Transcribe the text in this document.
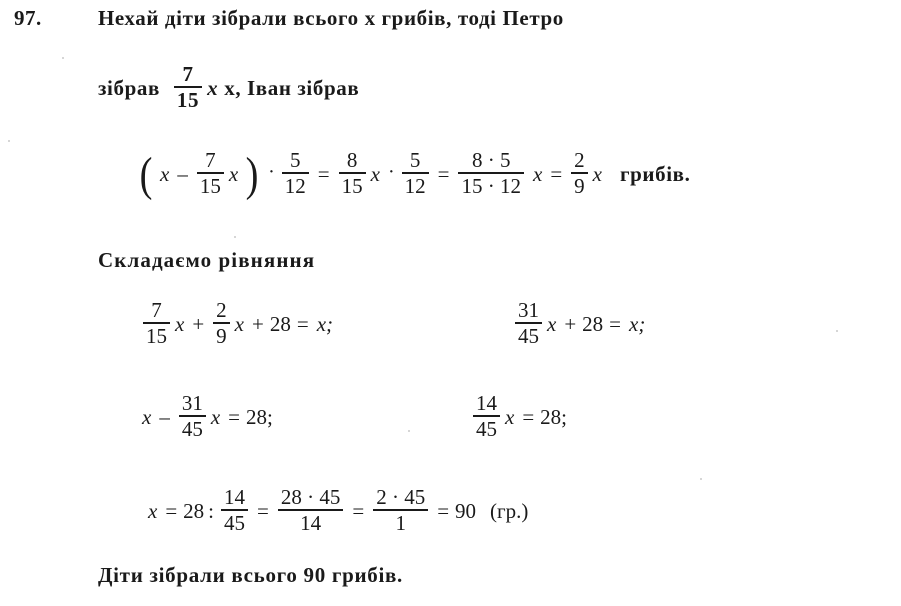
97.	Нехай діти зібрали всього x грибів, тоді Петро
зібрав $\frac{7}{15}$ x x, Іван зібрав
( x – $\frac{7}{15}$ x ) · $\frac{5}{12} = \frac{8}{15}$ $x \cdot \frac{5}{12} = \frac{8 \cdot 5}{15 \cdot 12}$ $x = \frac{2}{9}$ x грибів.
Складаємо рівняння
$\frac{7}{15}$ $x + \frac{2}{9}$ x + 28 = x;	$\frac{31}{45}$ x + 28 = x;
x – $\frac{31}{45}$ x = 28;	$\frac{14}{45}$ x = 28;
x = 28 : $\frac{14}{45} = \frac{28 \cdot 45}{14} = \frac{2 \cdot 45}{1} = 90$ (гр.)
Діти зібрали всього 90 грибів.
